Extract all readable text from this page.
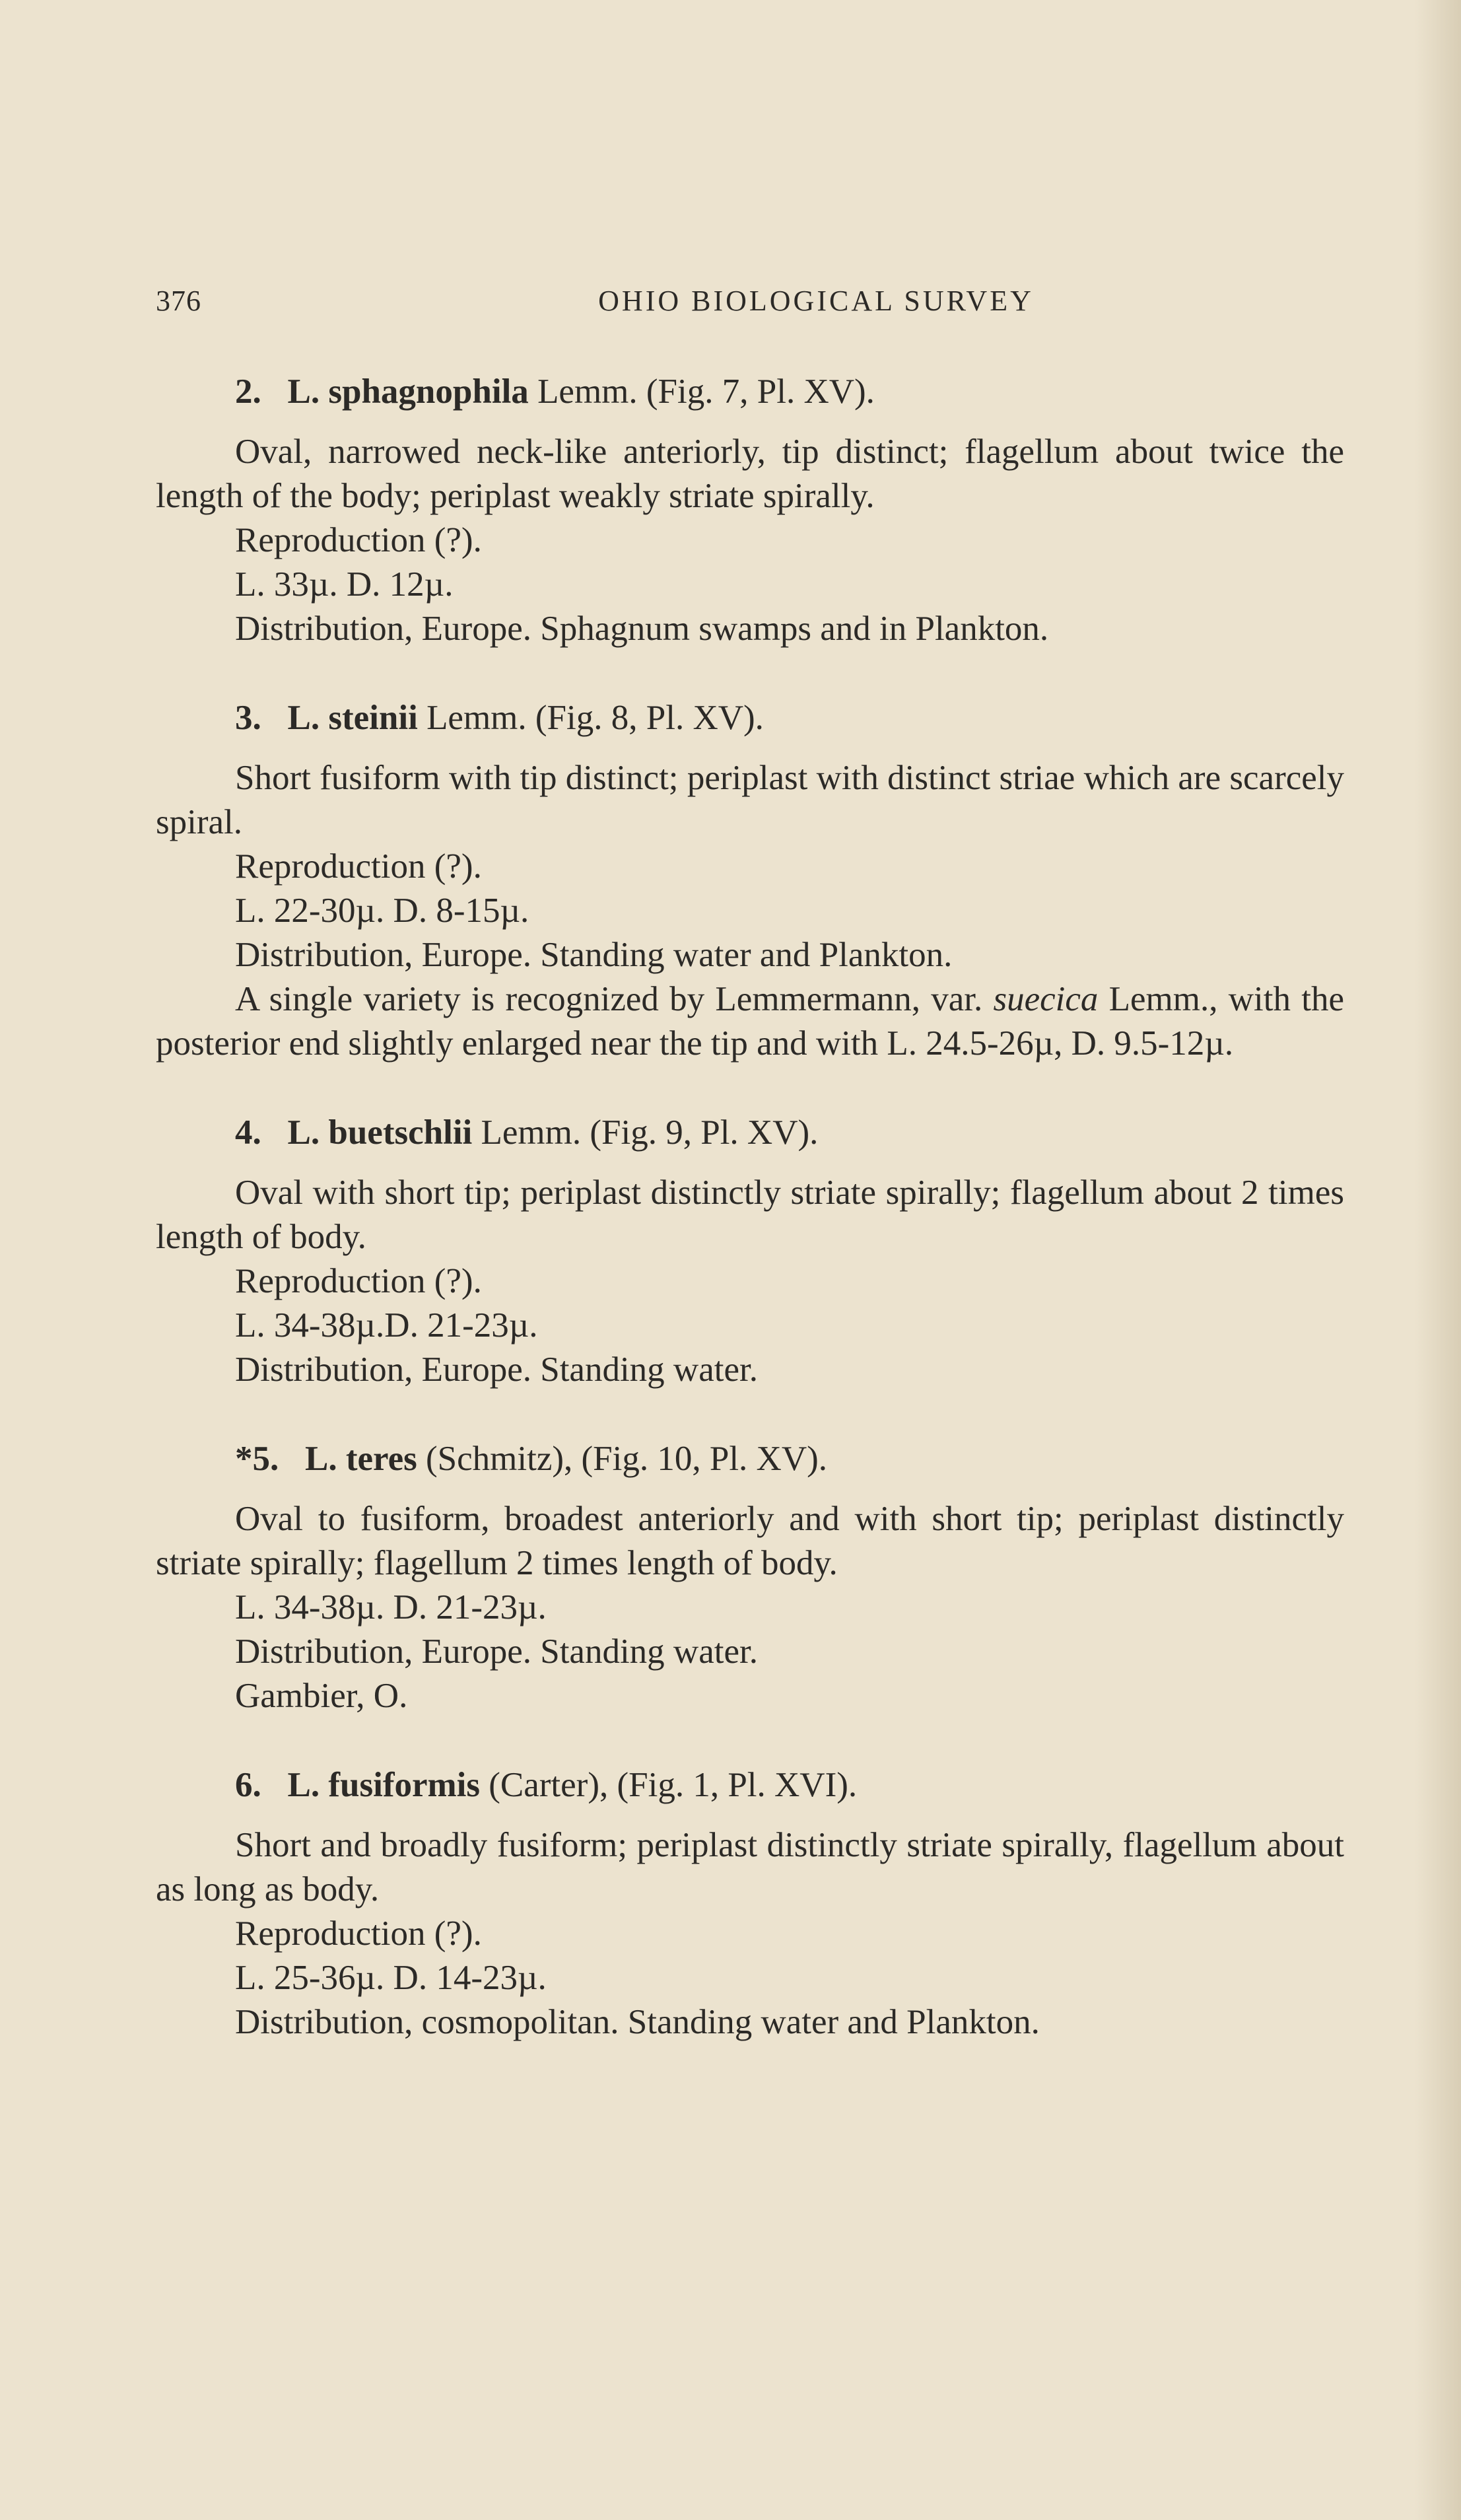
376	OHIO BIOLOGICAL SURVEY

2. L. sphagnophila Lemm. (Fig. 7, Pl. XV).

Oval, narrowed neck-like anteriorly, tip distinct; flagellum about twice the length of the body; periplast weakly striate spirally.

Reproduction (?).

L. 33µ. D. 12µ.

Distribution, Europe. Sphagnum swamps and in Plankton.

3. L. steinii Lemm. (Fig. 8, Pl. XV).

Short fusiform with tip distinct; periplast with distinct striae which are scarcely spiral.

Reproduction (?).

L. 22-30µ. D. 8-15µ.

Distribution, Europe. Standing water and Plankton.

A single variety is recognized by Lemmermann, var. suecica Lemm., with the posterior end slightly enlarged near the tip and with L. 24.5-26µ, D. 9.5-12µ.

4. L. buetschlii Lemm. (Fig. 9, Pl. XV).

Oval with short tip; periplast distinctly striate spirally; flagellum about 2 times length of body.

Reproduction (?).

L. 34-38µ.D. 21-23µ.

Distribution, Europe. Standing water.

*5. L. teres (Schmitz), (Fig. 10, Pl. XV).

Oval to fusiform, broadest anteriorly and with short tip; periplast distinctly striate spirally; flagellum 2 times length of body.

L. 34-38µ. D. 21-23µ.

Distribution, Europe. Standing water.

Gambier, O.

6. L. fusiformis (Carter), (Fig. 1, Pl. XVI).

Short and broadly fusiform; periplast distinctly striate spirally, flagellum about as long as body.

Reproduction (?).

L. 25-36µ. D. 14-23µ.

Distribution, cosmopolitan. Standing water and Plankton.
